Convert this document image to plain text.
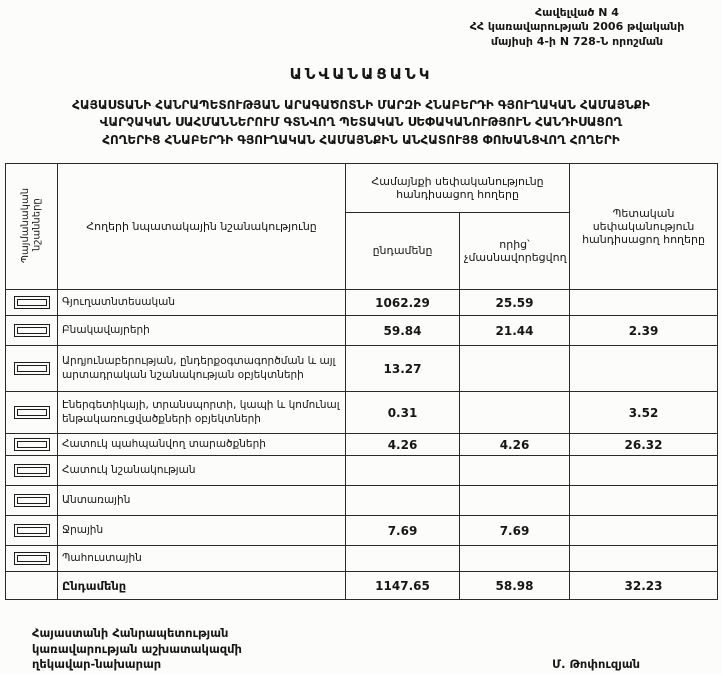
Հավելված N 4
ՀՀ կառավարության 2006 թվականի
մայիսի 4-ի N 728-Ն որոշման
ԱՆՎԱՆԱՑԱՆԿ
ՀԱՅԱՍՏԱՆԻ ՀԱՆՐԱՊԵՏՈՒԹՅԱՆ ԱՐԱԳԱԾՈՏՆԻ ՄԱՐԶԻ ՀՆԱԲԵՐԴԻ ԳՅՈՒՂԱԿԱՆ ՀԱՄԱՅՆՔԻ
ՎԱՐՉԱԿԱՆ ՍԱՀՄԱՆՆԵՐՈՒՄ ԳՏՆՎՈՂ ՊԵՏԱԿԱՆ ՍԵՓԱԿԱՆՈՒԹՅՈՒՆ ՀԱՆԴԻՍԱՑՈՂ
ՀՈՂԵՐԻՑ ՀՆԱԲԵՐԴԻ ԳՅՈՒՂԱԿԱՆ ՀԱՄԱՅՆՔԻՆ ԱՆՀԱՏՈՒՅՑ ՓՈԽԱՆՑՎՈՂ ՀՈՂԵՐԻ
Պայմանական նշանները	Հողերի նպատակային նշանակությունը	Համայնքի սեփականությունը հանդիսացող հողերը		Պետական սեփականություն հանդիսացող հողերը
		ընդամենը	որից՝ չմասնավորեցվող	
	Գյուղատնտեսական	1062.29	25.59	
	Բնակավայրերի	59.84	21.44	2.39
	Արդյունաբերության, ընդերքօգտագործման և այլ արտադրական նշանակության օբյեկտների	13.27		
	Էներգետիկայի, տրանսպորտի, կապի և կոմունալ ենթակառուցվածքների օբյեկտների	0.31		3.52
	Հատուկ պահպանվող տարածքների	4.26	4.26	26.32
	Հատուկ նշանակության			
	Անտառային			
	Ջրային	7.69	7.69	
	Պահուստային			
	Ընդամենը	1147.65	58.98	32.23
Հայաստանի Հանրապետության
կառավարության աշխատակազմի
ղեկավար-նախարար	Մ. Թոփուզյան
